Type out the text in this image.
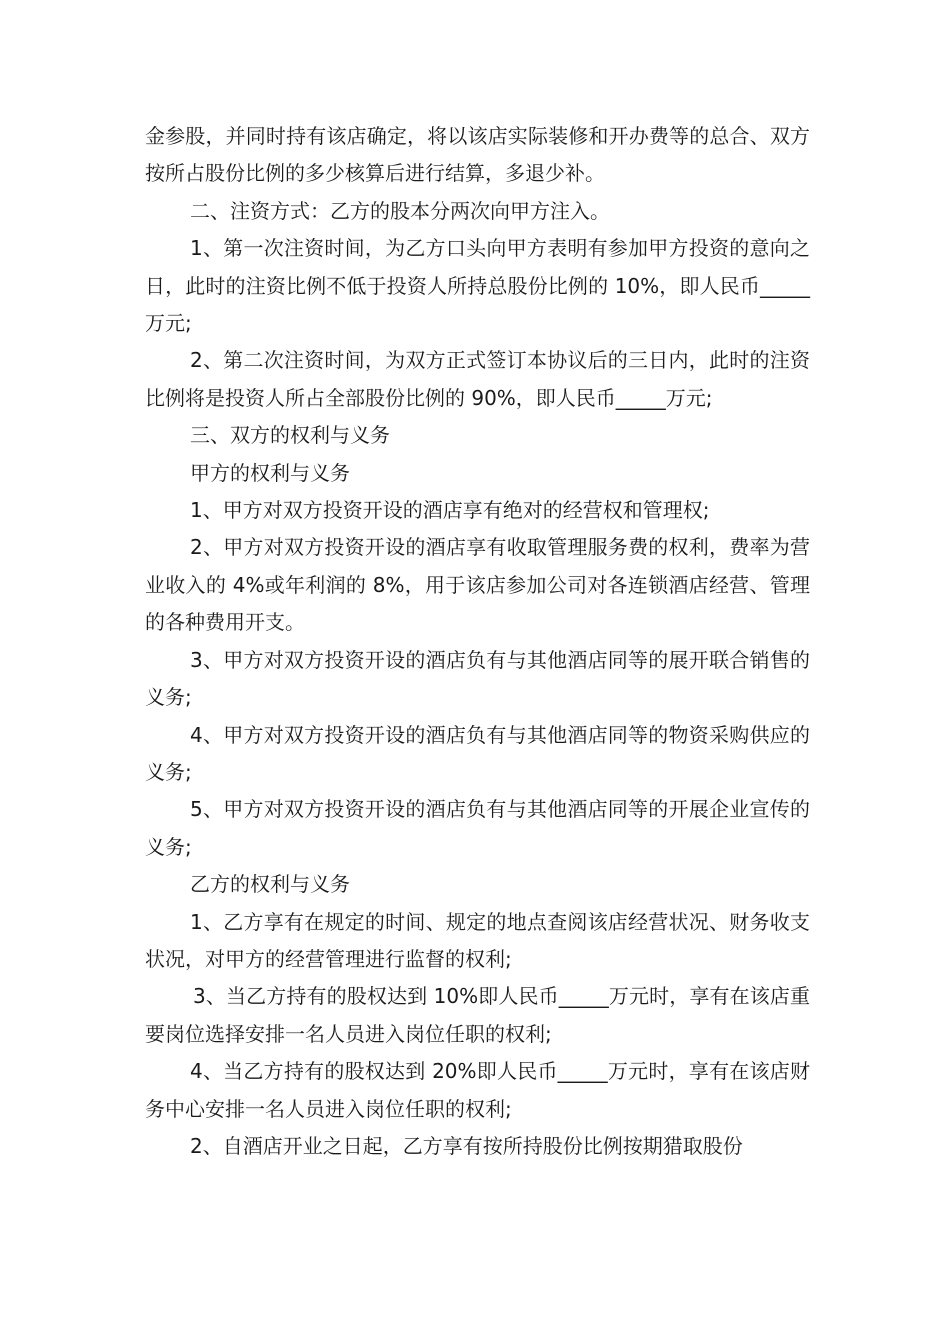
金参股，并同时持有该店确定，将以该店实际装修和开办费等的总合、双方按所占股份比例的多少核算后进行结算，多退少补。

二、注资方式：乙方的股本分两次向甲方注入。

1、第一次注资时间，为乙方口头向甲方表明有参加甲方投资的意向之日，此时的注资比例不低于投资人所持总股份比例的 10%，即人民币_____万元;

2、第二次注资时间，为双方正式签订本协议后的三日内，此时的注资比例将是投资人所占全部股份比例的 90%，即人民币_____万元;

三、双方的权利与义务

甲方的权利与义务

1、甲方对双方投资开设的酒店享有绝对的经营权和管理权;

2、甲方对双方投资开设的酒店享有收取管理服务费的权利，费率为营业收入的 4%或年利润的 8%，用于该店参加公司对各连锁酒店经营、管理的各种费用开支。

3、甲方对双方投资开设的酒店负有与其他酒店同等的展开联合销售的义务;

4、甲方对双方投资开设的酒店负有与其他酒店同等的物资采购供应的义务;

5、甲方对双方投资开设的酒店负有与其他酒店同等的开展企业宣传的义务;

乙方的权利与义务

1、乙方享有在规定的时间、规定的地点查阅该店经营状况、财务收支状况，对甲方的经营管理进行监督的权利;

3、当乙方持有的股权达到 10%即人民币_____万元时，享有在该店重要岗位选择安排一名人员进入岗位任职的权利;

4、当乙方持有的股权达到 20%即人民币_____万元时，享有在该店财务中心安排一名人员进入岗位任职的权利;

2、自酒店开业之日起，乙方享有按所持股份比例按期猎取股份
